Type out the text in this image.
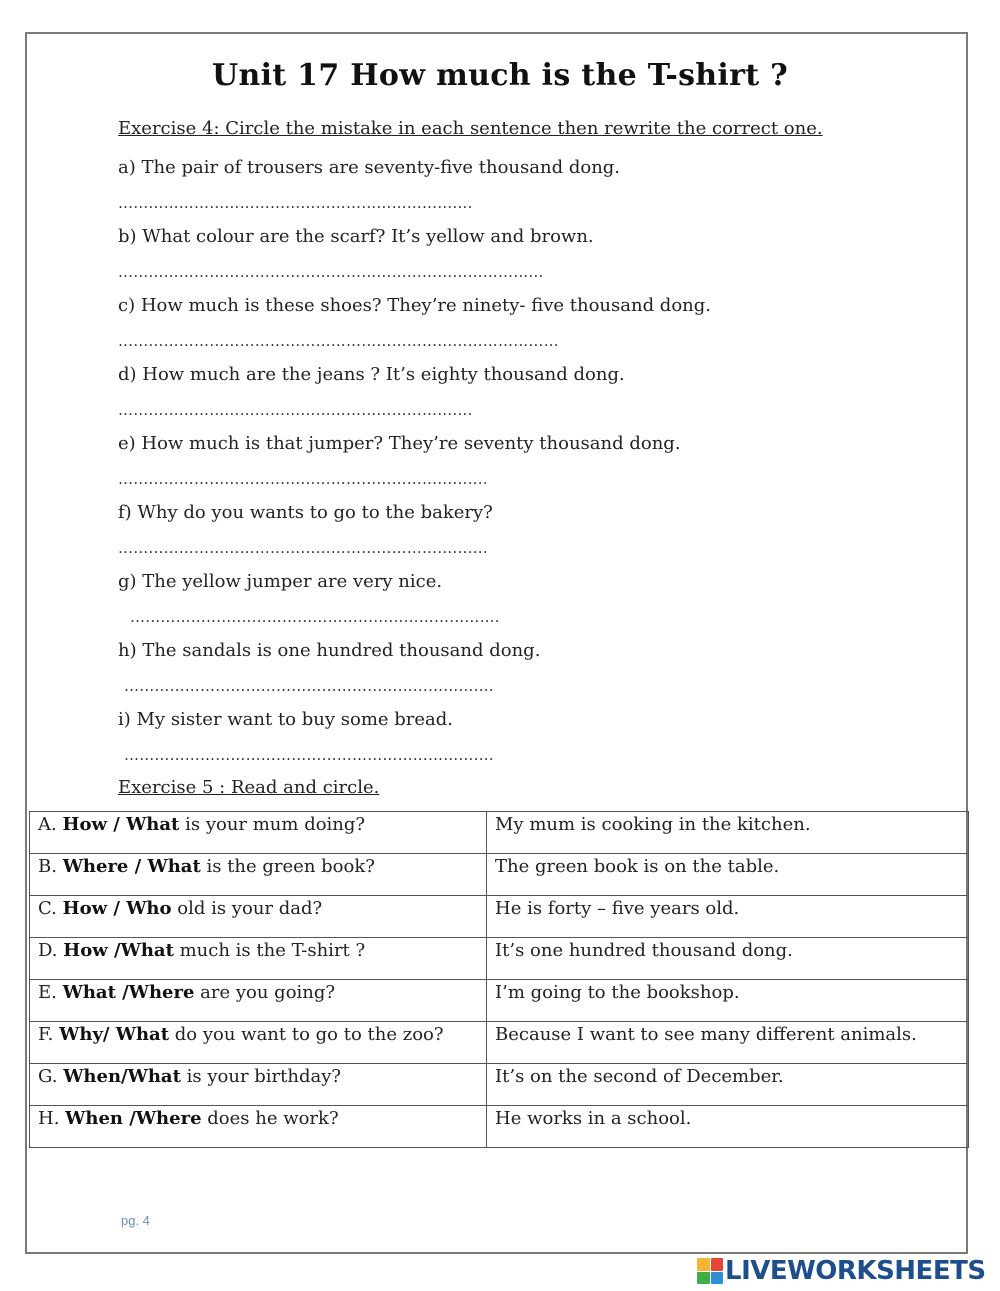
Unit 17 How much is the T-shirt ?
Exercise 4: Circle the mistake in each sentence then rewrite the correct one.
a) The pair of trousers are seventy-five thousand dong.
…………………………………………………………….
b) What colour are the scarf? It’s yellow and brown.
…………………………………………………………………………
c) How much is these shoes? They’re ninety- five thousand dong.
……………………………………………………………………………
d) How much are the jeans ? It’s eighty thousand dong.
…………………………………………………………….
e) How much is that jumper? They’re seventy thousand dong.
……………………………………………………………….
f) Why do you wants to go to the bakery?
……………………………………………………………….
g) The yellow jumper are very nice.
……………………………………………………………….
h) The sandals is one hundred thousand dong.
……………………………………………………………….
i) My sister want to buy some bread.
……………………………………………………………….
Exercise 5 : Read and circle.
A. How / What is your mum doing?	My mum is cooking in the kitchen.
B. Where / What is the green book?	The green book is on the table.
C. How / Who old is your dad?	He is forty – five years old.
D. How /What much is the T-shirt ?	It’s one hundred thousand dong.
E. What /Where are you going?	I’m going to the bookshop.
F. Why/ What do you want to go to the zoo?	Because I want to see many different animals.
G. When/What is your birthday?	It’s on the second of December.
H. When /Where does he work?	He works in a school.
pg. 4
LIVEWORKSHEETS
